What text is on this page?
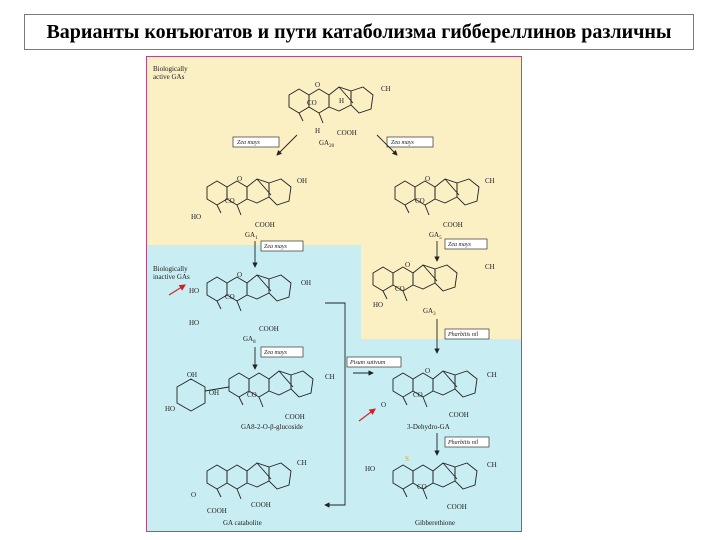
Варианты конъюгатов и пути катаболизма гиббереллинов различны
Biologically
active GAs
Biologically
inactive GAs
O
CO	H
CH
H COOH
$GA_{20}$
Zea mays	Zea mays
O
CO
HO
OH
COOH
$GA_1$
O
CO
CH
COOH
$GA_5$
Zea mays	Zea mays
O
HO
CO
HO
OH
COOH
$GA_8$
O
CO
HO
CH
$GA_3$
Zea mays
Pharbitis nil
Pisum sativum
OH
OH
HO
CO
CH
COOH
GA8-2-O-β-glucoside
O
O
CO
CH
COOH
3-Dehydro-GA
Pharbitis nil
CH
O
COOH
COOH
GA catabolite
HO
S
CO
CH
COOH
Gibberethione
